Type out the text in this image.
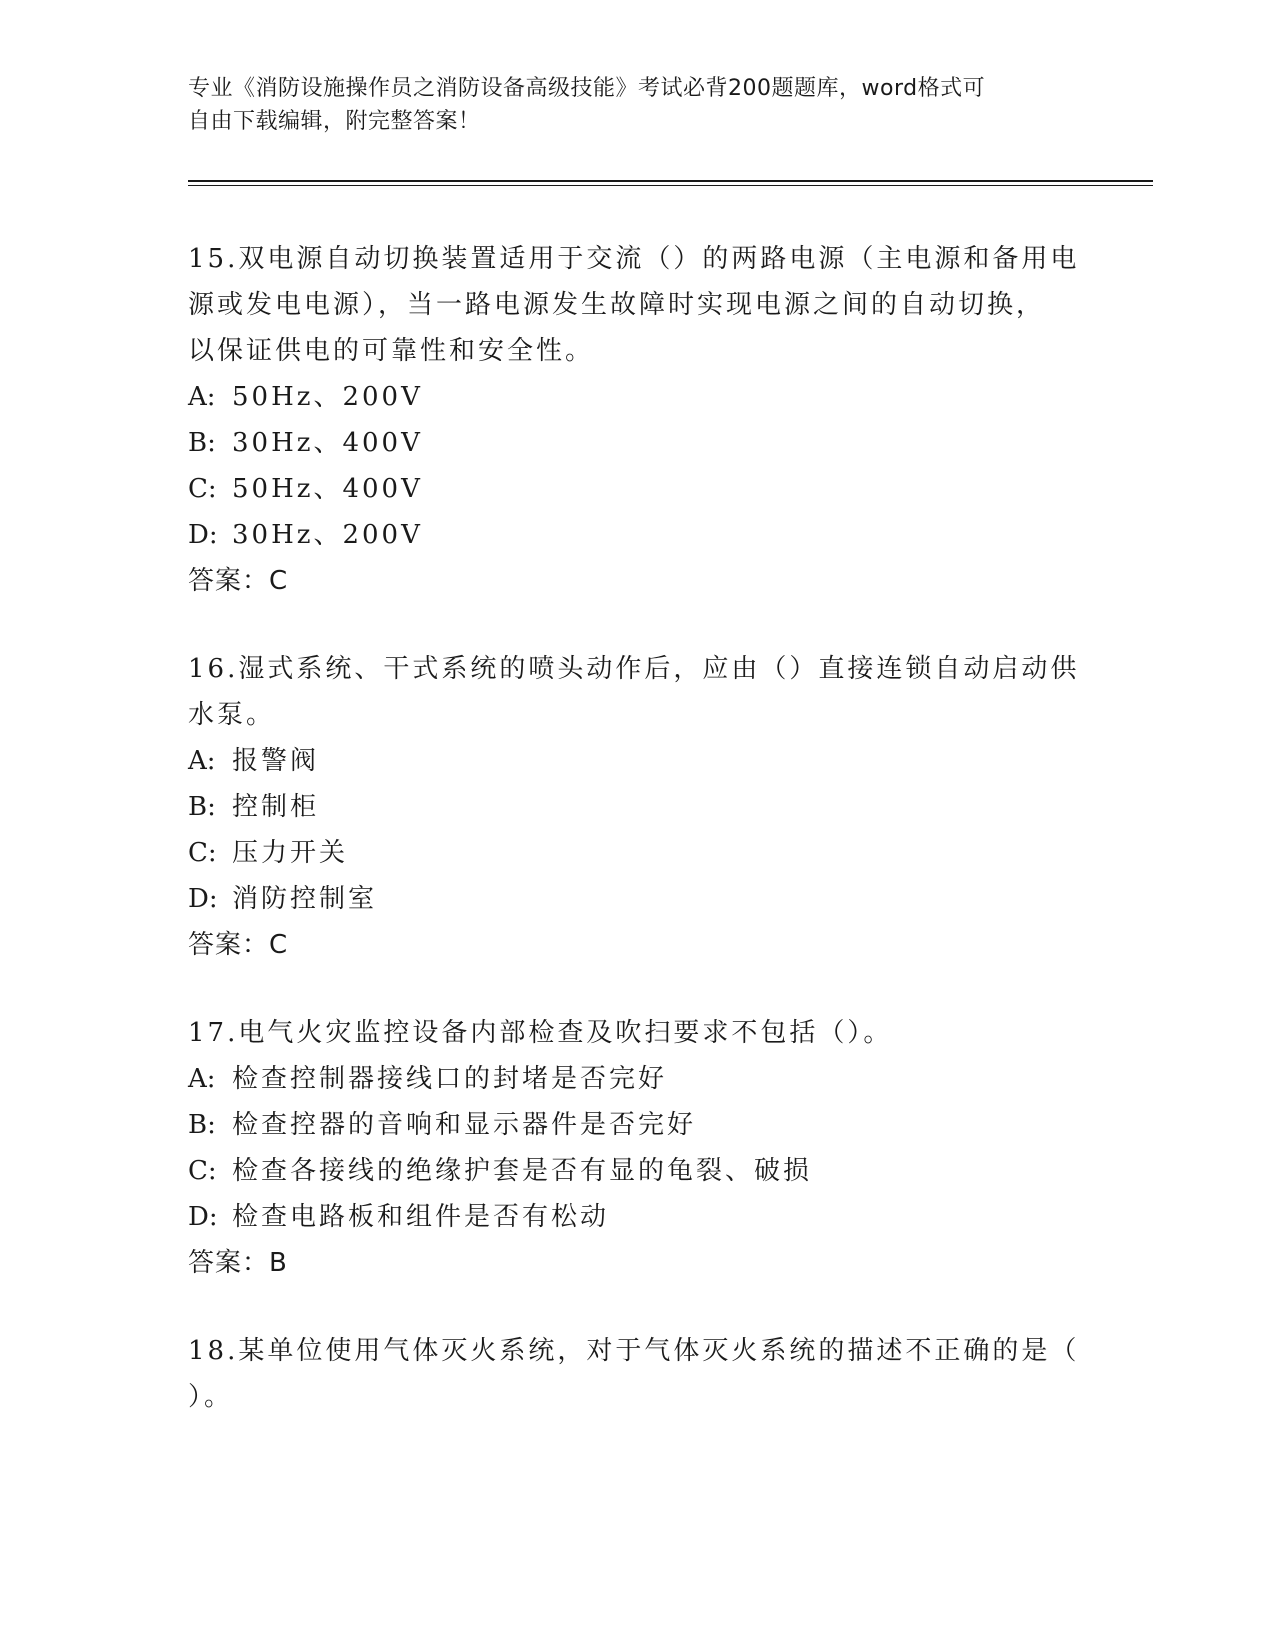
专业《消防设施操作员之消防设备高级技能》考试必背200题题库，word格式可
自由下载编辑，附完整答案！

15.双电源自动切换装置适用于交流（）的两路电源（主电源和备用电

源或发电电源），当一路电源发生故障时实现电源之间的自动切换，

以保证供电的可靠性和安全性。

A: 50Hz、200V

B: 30Hz、400V

C: 50Hz、400V

D: 30Hz、200V

答案：C

16.湿式系统、干式系统的喷头动作后，应由（）直接连锁自动启动供

水泵。

A: 报警阀

B: 控制柜

C: 压力开关

D: 消防控制室

答案：C

17.电气火灾监控设备内部检查及吹扫要求不包括（）。

A: 检查控制器接线口的封堵是否完好

B: 检查控器的音响和显示器件是否完好

C: 检查各接线的绝缘护套是否有显的龟裂、破损

D: 检查电路板和组件是否有松动

答案：B

18.某单位使用气体灭火系统，对于气体灭火系统的描述不正确的是（

）。
